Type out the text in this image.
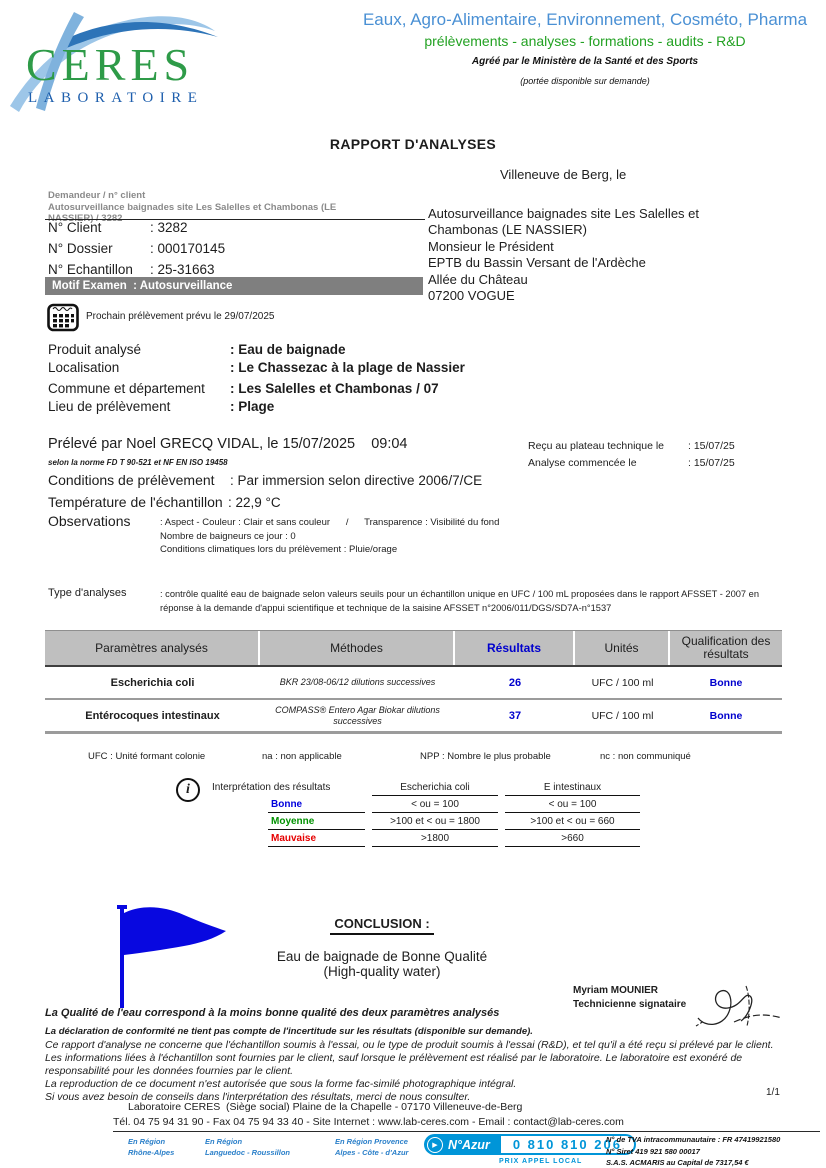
CERES
LABORATOIRE
Eaux, Agro-Alimentaire, Environnement, Cosméto, Pharma
prélèvements - analyses - formations - audits - R&D
Agréé par le Ministère de la Santé et des Sports
(portée disponible sur demande)
RAPPORT D'ANALYSES
Villeneuve de Berg, le
Demandeur / n° client
Autosurveillance baignades site Les Salelles et Chambonas (LE
NASSIER) / 3282
N° Client	: 3282
N° Dossier	: 000170145
N° Echantillon : 25-31663
Motif Examen  : Autosurveillance
Autosurveillance baignades site Les Salelles et
Chambonas (LE NASSIER)
Monsieur le Président
EPTB du Bassin Versant de l'Ardèche
Allée du Château
07200 VOGUE
Prochain prélèvement prévu le 29/07/2025
Produit analysé	: Eau de baignade
Localisation	: Le Chassezac à la plage de Nassier
Commune et département : Les Salelles et Chambonas / 07
Lieu de prélèvement	: Plage
Prélevé par Noel GRECQ VIDAL, le 15/07/2025    09:04
selon la norme FD T 90-521 et NF EN ISO 19458
Reçu au plateau technique le : 15/07/25
Analyse commencée le	: 15/07/25
Conditions de prélèvement : Par immersion selon directive 2006/7/CE
Température de l'échantillon : 22,9 °C
Observations	: Aspect - Couleur : Clair et sans couleur      /      Transparence : Visibilité du fond
Nombre de baigneurs ce jour : 0
Conditions climatiques lors du prélèvement : Pluie/orage
Type d'analyses	: contrôle qualité eau de baignade selon valeurs seuils pour un échantillon unique en UFC / 100 mL proposées dans le rapport AFSSET - 2007 en réponse à la demande d'appui scientifique et technique de la saisine AFSSET n°2006/011/DGS/SD7A-n°1537
Paramètres analysés	Méthodes	Résultats	Unités	Qualification des résultats
Escherichia coli	BKR 23/08-06/12 dilutions successives	26	UFC / 100 ml	Bonne
Entérocoques intestinaux	COMPASS® Entero Agar Biokar dilutions successives	37	UFC / 100 ml	Bonne
UFC : Unité formant colonie	na : non applicable	NPP : Nombre le plus probable	nc : non communiqué
i	Interprétation des résultats	Escherichia coli	E intestinaux
Bonne	< ou = 100	< ou = 100
Moyenne	>100 et < ou = 1800	>100 et < ou = 660
Mauvaise	>1800	>660
CONCLUSION :
Eau de baignade de Bonne Qualité
(High-quality water)
Myriam MOUNIER
Technicienne signataire
La Qualité de l'eau correspond à la moins bonne qualité des deux paramètres analysés
La déclaration de conformité ne tient pas compte de l'incertitude sur les résultats (disponible sur demande).
Ce rapport d'analyse ne concerne que l'échantillon soumis à l'essai, ou le type de produit soumis à l'essai (R&D), et tel qu'il a été reçu si prélevé par le client. Les informations liées à l'échantillon sont fournies par le client, sauf lorsque le prélèvement est réalisé par le laboratoire. Le laboratoire est exonéré de responsabilité pour les données fournies par le client.
La reproduction de ce document n'est autorisée que sous la forme fac-similé photographique intégral.
Si vous avez besoin de conseils dans l'interprétation des résultats, merci de nous consulter.	1/1
Laboratoire CERES  (Siège social) Plaine de la Chapelle - 07170 Villeneuve-de-Berg
Tél. 04 75 94 31 90 - Fax 04 75 94 33 40 - Site Internet : www.lab-ceres.com - Email : contact@lab-ceres.com
En Région
Rhône-Alpes
En Région
Languedoc - Roussillon
En Région Provence
Alpes - Côte - d'Azur
▶ N°Azur	0 810 810 206
PRIX APPEL LOCAL
N° de TVA intracommunautaire : FR 47419921580
N° Siret 419 921 580 00017
S.A.S. ACMARIS au Capital de 7317,54 €
